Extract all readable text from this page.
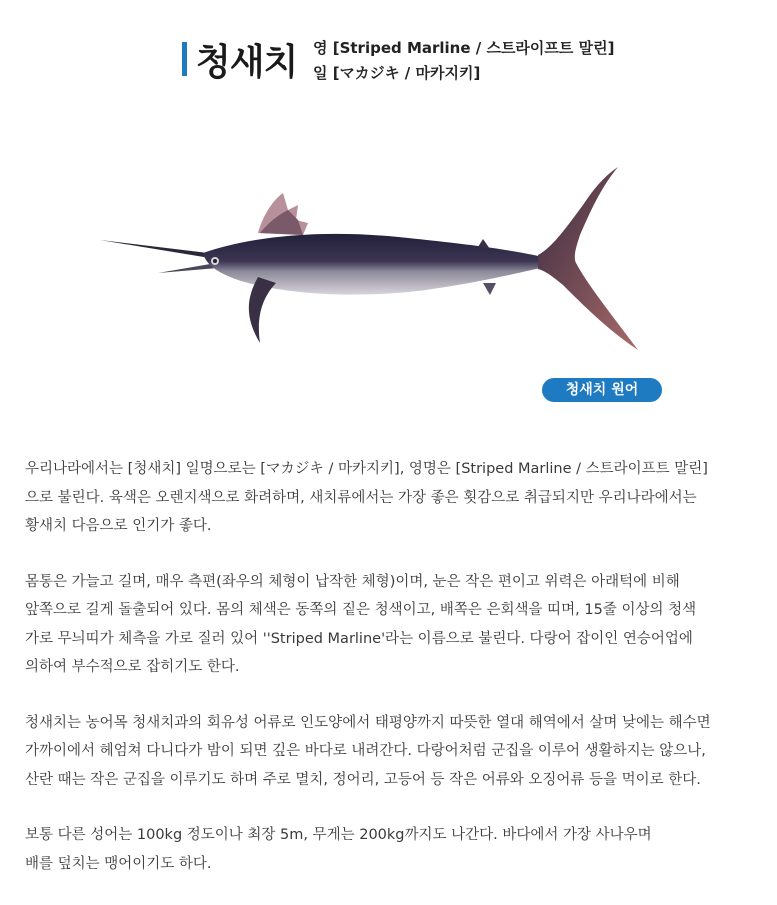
청새치 영 [Striped Marline / 스트라이프트 말린]
일 [マカジキ / 마카지키]
청새치 원어

우리나라에서는 [청새치] 일명으로는 [マカジキ / 마카지키], 영명은 [Striped Marline / 스트라이프트 말린]
으로 불린다. 육색은 오렌지색으로 화려하며, 새치류에서는 가장 좋은 횟감으로 취급되지만 우리나라에서는
황새치 다음으로 인기가 좋다.

몸통은 가늘고 길며, 매우 측편(좌우의 체형이 납작한 체형)이며, 눈은 작은 편이고 위력은 아래턱에 비해
앞쪽으로 길게 돌출되어 있다. 몸의 체색은 동쪽의 짙은 청색이고, 배쪽은 은회색을 띠며, 15줄 이상의 청색
가로 무늬띠가 체측을 가로 질러 있어 ''Striped Marline'라는 이름으로 불린다. 다랑어 잡이인 연승어업에
의하여 부수적으로 잡히기도 한다.

청새치는 농어목 청새치과의 회유성 어류로 인도양에서 태평양까지 따뜻한 열대 해역에서 살며 낮에는 해수면
가까이에서 헤엄쳐 다니다가 밤이 되면 깊은 바다로 내려간다. 다랑어처럼 군집을 이루어 생활하지는 않으나,
산란 때는 작은 군집을 이루기도 하며 주로 멸치, 정어리, 고등어 등 작은 어류와 오징어류 등을 먹이로 한다.

보통 다른 성어는 100kg 정도이나 최장 5m, 무게는 200kg까지도 나간다. 바다에서 가장 사나우며
배를 덮치는 맹어이기도 하다.
